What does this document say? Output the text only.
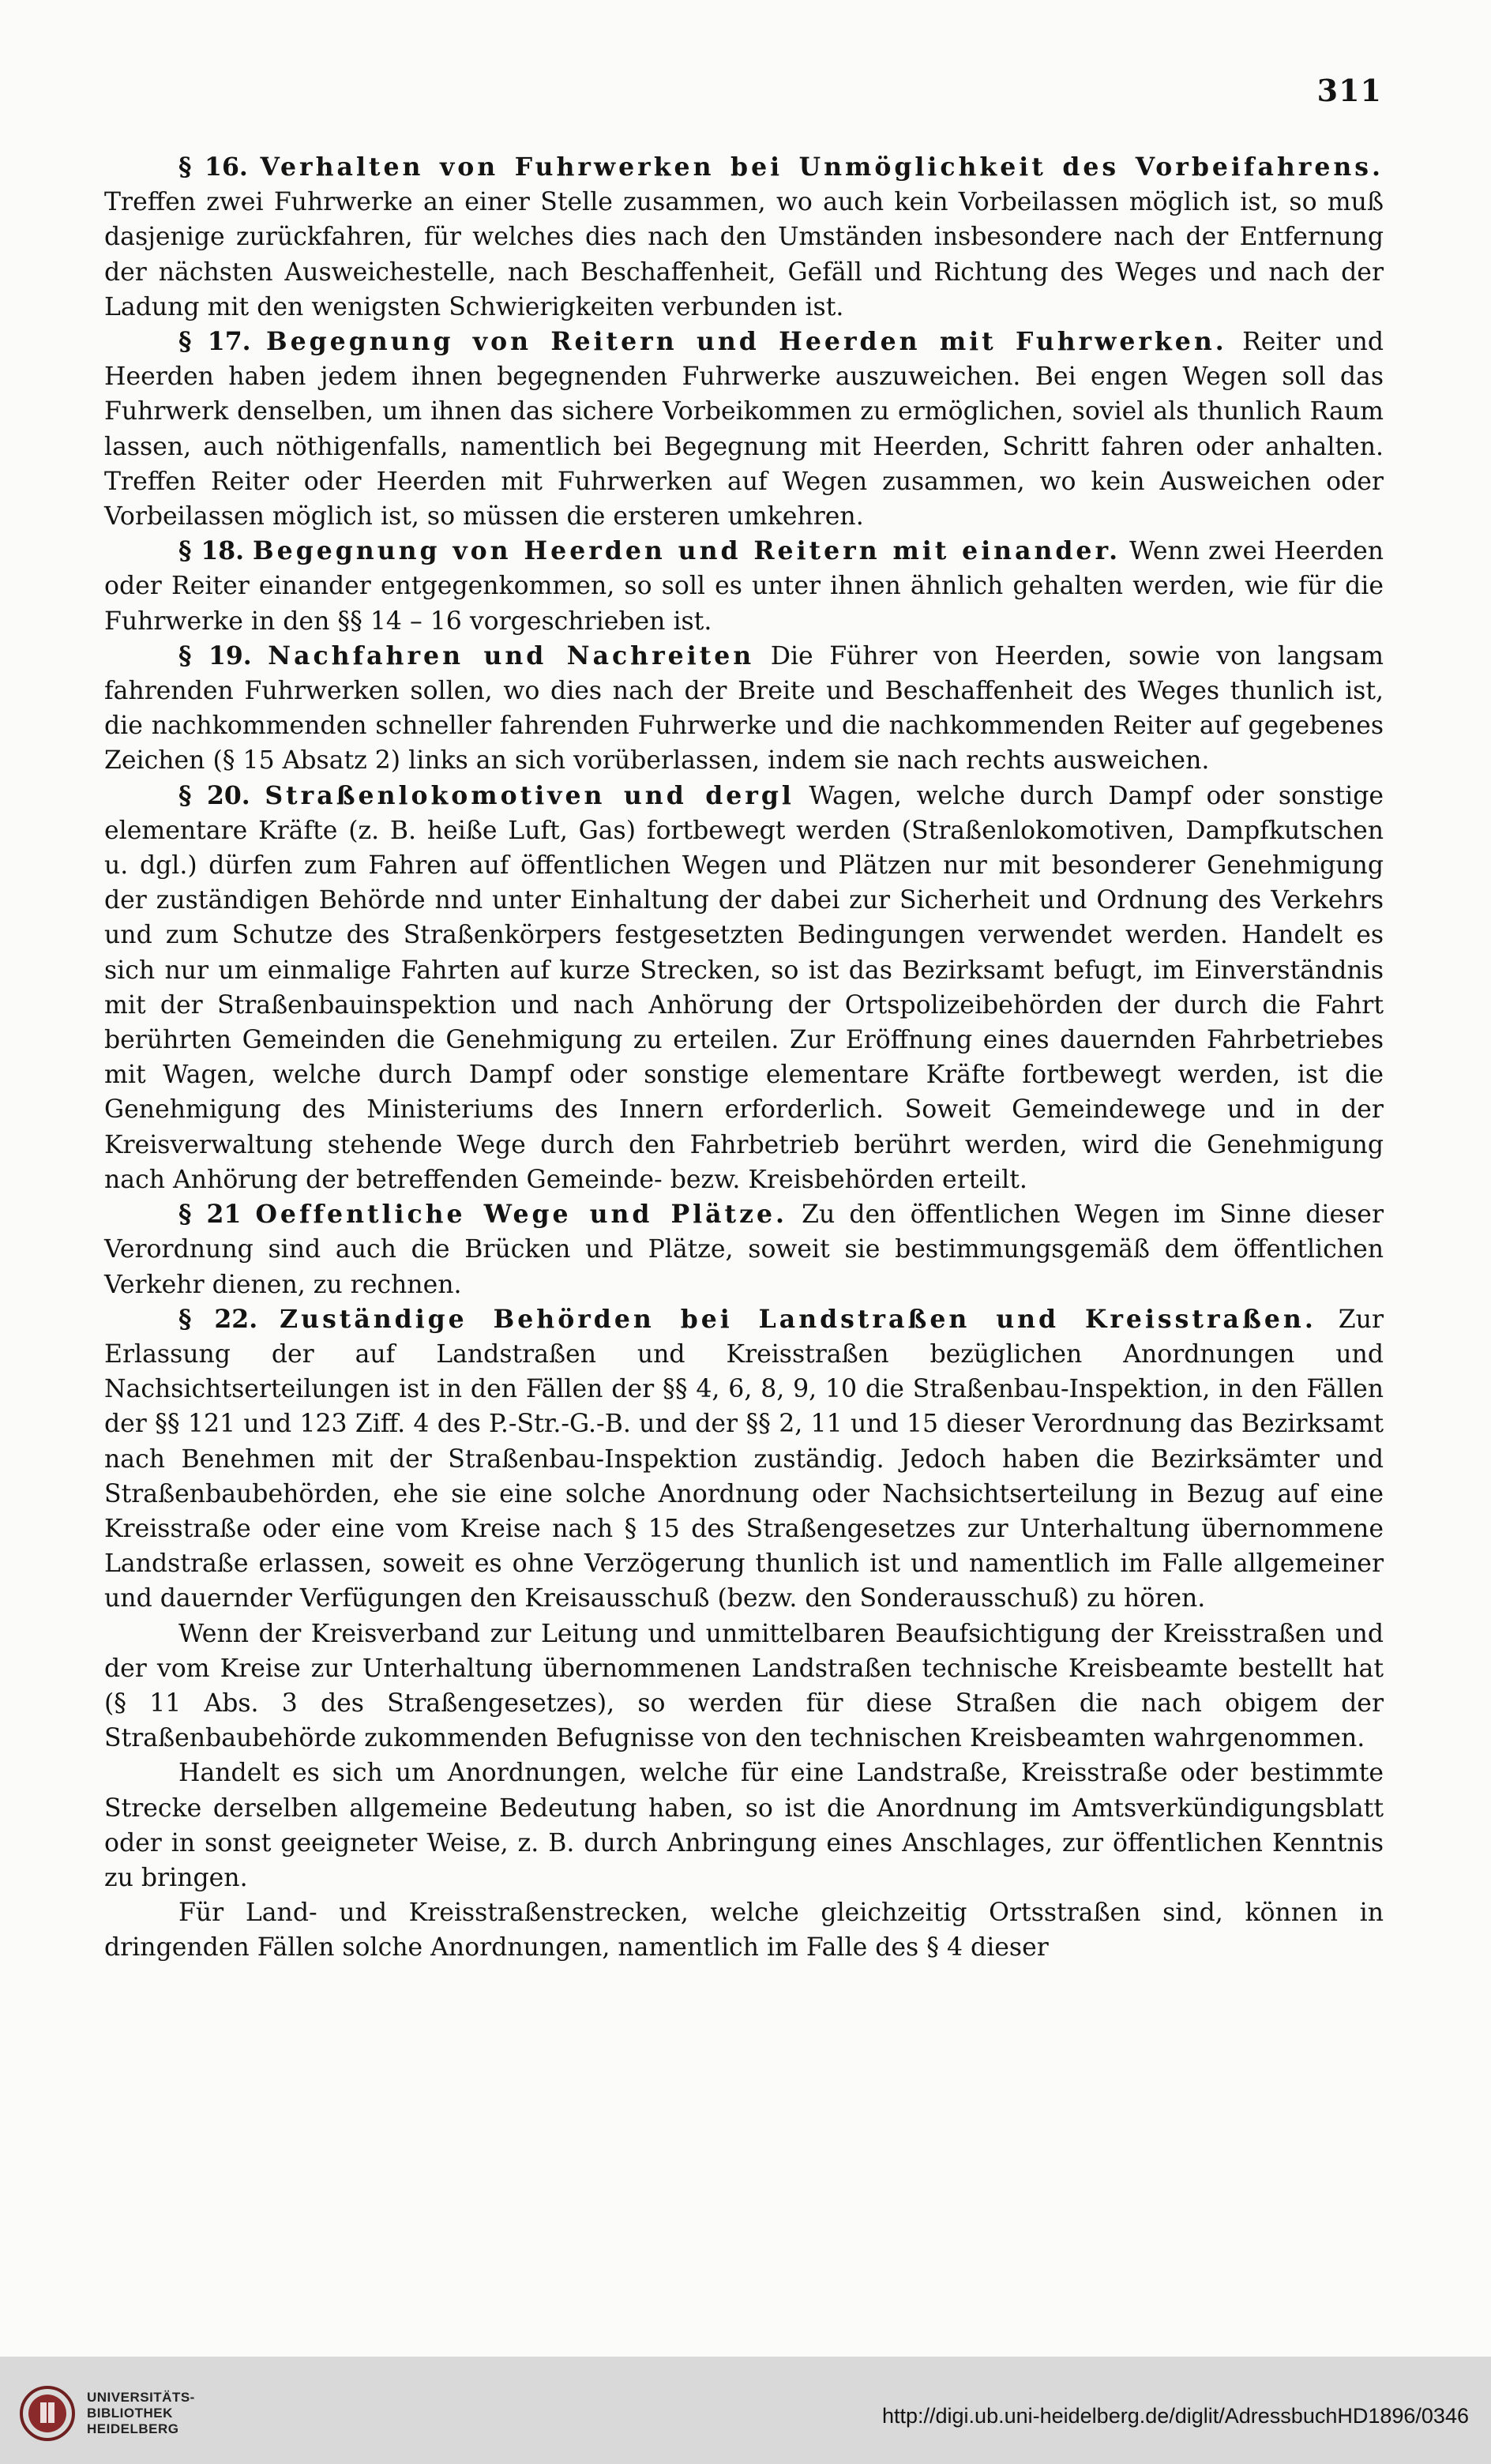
311

§ 16. Verhalten von Fuhrwerken bei Unmöglichkeit des Vorbeifahrens. Treffen zwei Fuhrwerke an einer Stelle zusammen, wo auch kein Vorbeilassen möglich ist, so muß dasjenige zurückfahren, für welches dies nach den Umständen insbesondere nach der Entfernung der nächsten Ausweichestelle, nach Beschaffenheit, Gefäll und Richtung des Weges und nach der Ladung mit den wenigsten Schwierigkeiten verbunden ist.

§ 17. Begegnung von Reitern und Heerden mit Fuhrwerken. Reiter und Heerden haben jedem ihnen begegnenden Fuhrwerke auszuweichen. Bei engen Wegen soll das Fuhrwerk denselben, um ihnen das sichere Vorbeikommen zu ermöglichen, soviel als thunlich Raum lassen, auch nöthigenfalls, namentlich bei Begegnung mit Heerden, Schritt fahren oder anhalten. Treffen Reiter oder Heerden mit Fuhrwerken auf Wegen zusammen, wo kein Ausweichen oder Vorbeilassen möglich ist, so müssen die ersteren umkehren.

§ 18. Begegnung von Heerden und Reitern mit einander. Wenn zwei Heerden oder Reiter einander entgegenkommen, so soll es unter ihnen ähnlich gehalten werden, wie für die Fuhrwerke in den §§ 14 – 16 vorgeschrieben ist.

§ 19. Nachfahren und Nachreiten Die Führer von Heerden, sowie von langsam fahrenden Fuhrwerken sollen, wo dies nach der Breite und Beschaffenheit des Weges thunlich ist, die nachkommenden schneller fahrenden Fuhrwerke und die nachkommenden Reiter auf gegebenes Zeichen (§ 15 Absatz 2) links an sich vorüberlassen, indem sie nach rechts ausweichen.

§ 20. Straßenlokomotiven und dergl Wagen, welche durch Dampf oder sonstige elementare Kräfte (z. B. heiße Luft, Gas) fortbewegt werden (Straßenlokomotiven, Dampfkutschen u. dgl.) dürfen zum Fahren auf öffentlichen Wegen und Plätzen nur mit besonderer Genehmigung der zuständigen Behörde nnd unter Einhaltung der dabei zur Sicherheit und Ordnung des Verkehrs und zum Schutze des Straßenkörpers festgesetzten Bedingungen verwendet werden. Handelt es sich nur um einmalige Fahrten auf kurze Strecken, so ist das Bezirksamt befugt, im Einverständnis mit der Straßenbauinspektion und nach Anhörung der Ortspolizeibehörden der durch die Fahrt berührten Gemeinden die Genehmigung zu erteilen. Zur Eröffnung eines dauernden Fahrbetriebes mit Wagen, welche durch Dampf oder sonstige elementare Kräfte fortbewegt werden, ist die Genehmigung des Ministeriums des Innern erforderlich. Soweit Gemeindewege und in der Kreisverwaltung stehende Wege durch den Fahrbetrieb berührt werden, wird die Genehmigung nach Anhörung der betreffenden Gemeinde- bezw. Kreisbehörden erteilt.

§ 21 Oeffentliche Wege und Plätze. Zu den öffentlichen Wegen im Sinne dieser Verordnung sind auch die Brücken und Plätze, soweit sie bestimmungsgemäß dem öffentlichen Verkehr dienen, zu rechnen.

§ 22. Zuständige Behörden bei Landstraßen und Kreisstraßen. Zur Erlassung der auf Landstraßen und Kreisstraßen bezüglichen Anordnungen und Nachsichtserteilungen ist in den Fällen der §§ 4, 6, 8, 9, 10 die Straßenbau-Inspektion, in den Fällen der §§ 121 und 123 Ziff. 4 des P.-Str.-G.-B. und der §§ 2, 11 und 15 dieser Verordnung das Bezirksamt nach Benehmen mit der Straßenbau-Inspektion zuständig. Jedoch haben die Bezirksämter und Straßenbaubehörden, ehe sie eine solche Anordnung oder Nachsichtserteilung in Bezug auf eine Kreisstraße oder eine vom Kreise nach § 15 des Straßengesetzes zur Unterhaltung übernommene Landstraße erlassen, soweit es ohne Verzögerung thunlich ist und namentlich im Falle allgemeiner und dauernder Verfügungen den Kreisausschuß (bezw. den Sonderausschuß) zu hören.

Wenn der Kreisverband zur Leitung und unmittelbaren Beaufsichtigung der Kreisstraßen und der vom Kreise zur Unterhaltung übernommenen Landstraßen technische Kreisbeamte bestellt hat (§ 11 Abs. 3 des Straßengesetzes), so werden für diese Straßen die nach obigem der Straßenbaubehörde zukommenden Befugnisse von den technischen Kreisbeamten wahrgenommen.

Handelt es sich um Anordnungen, welche für eine Landstraße, Kreisstraße oder bestimmte Strecke derselben allgemeine Bedeutung haben, so ist die Anordnung im Amtsverkündigungsblatt oder in sonst geeigneter Weise, z. B. durch Anbringung eines Anschlages, zur öffentlichen Kenntnis zu bringen.

Für Land- und Kreisstraßenstrecken, welche gleichzeitig Ortsstraßen sind, können in dringenden Fällen solche Anordnungen, namentlich im Falle des § 4 dieser

UNIVERSITÄTS-
BIBLIOTHEK
HEIDELBERG
http://digi.ub.uni-heidelberg.de/diglit/AdressbuchHD1896/0346
